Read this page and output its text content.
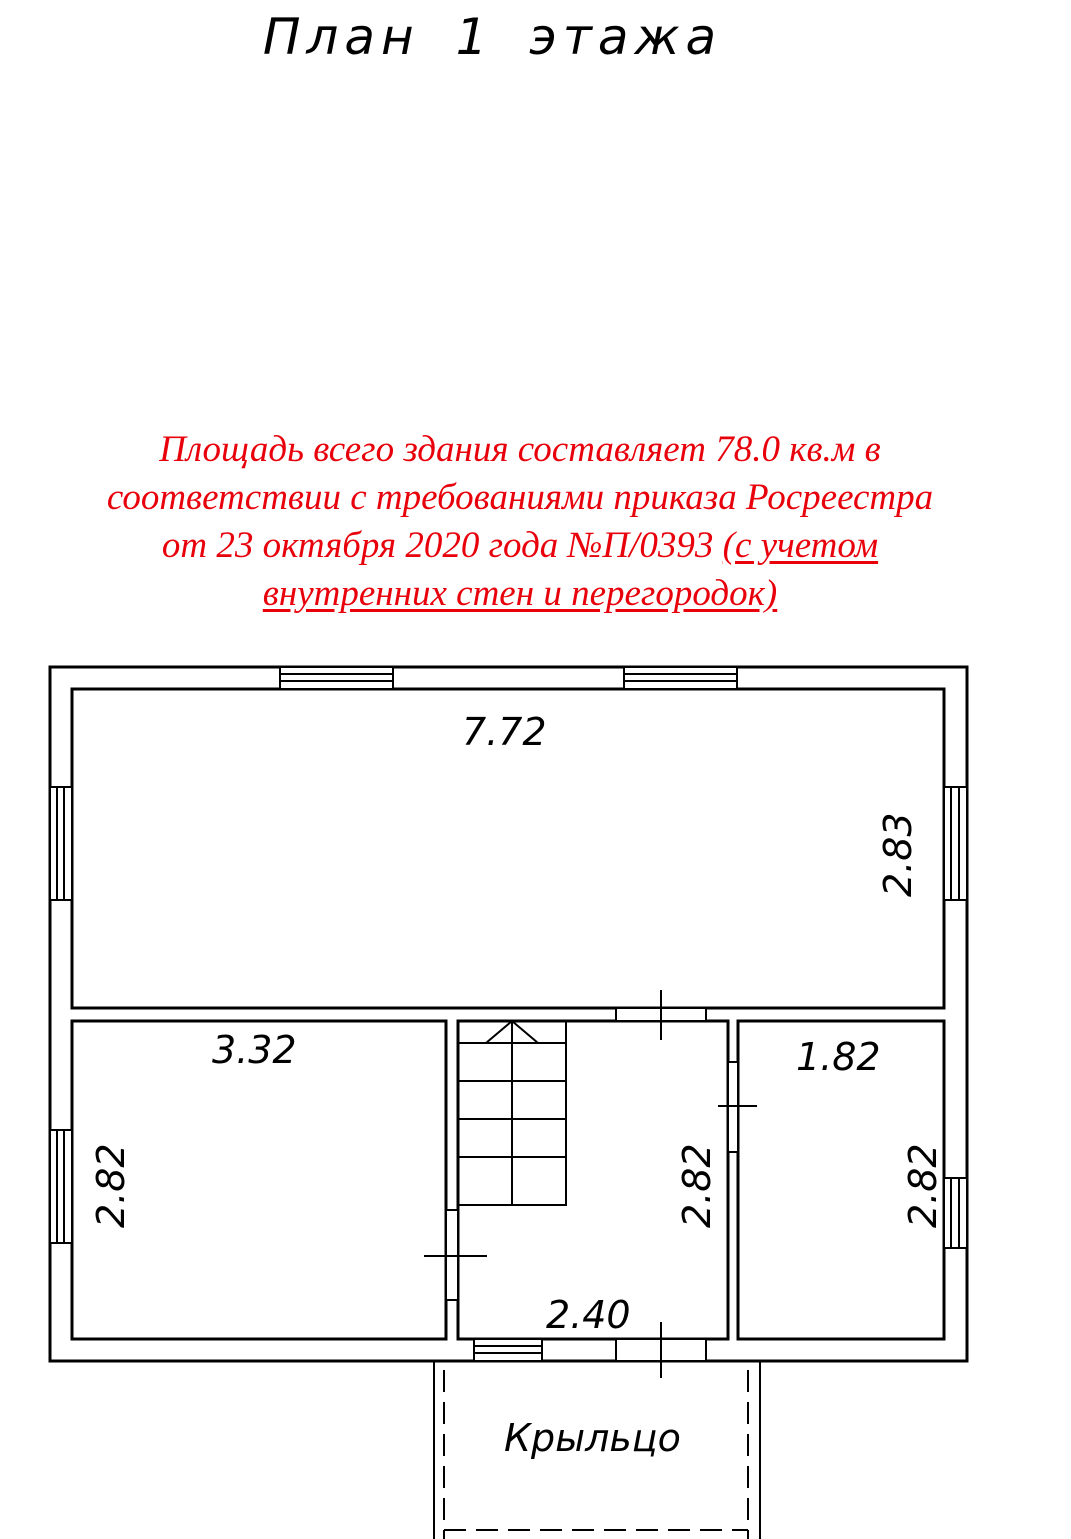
План 1 этажа
Площадь всего здания составляет 78.0 кв.м в
соответствии с требованиями приказа Росреестра
от 23 октября 2020 года №П/0393 (с учетом
внутренних стен и перегородок)
7.72
2.83
3.32
2.82
2.40
2.82
1.82
2.82
Крыльцо
